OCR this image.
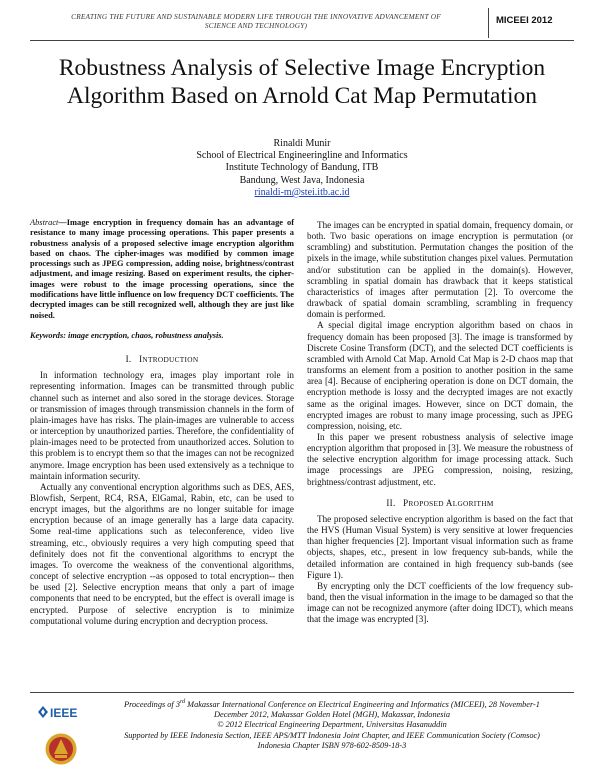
CREATING THE FUTURE AND SUSTAINABLE MODERN LIFE THROUGH THE INNOVATIVE ADVANCEMENT OF
SCIENCE AND TECHNOLOGY)	MICEEI 2012
Robustness Analysis of Selective Image Encryption
Algorithm Based on Arnold Cat Map Permutation
Rinaldi Munir
School of Electrical Engineeringline and Informatics
Institute Technology of Bandung, ITB
Bandung, West Java, Indonesia
rinaldi-m@stei.itb.ac.id

Abstract—Image encryption in frequency domain has an advantage of resistance to many image processing operations. This paper presents a robustness analysis of a proposed selective image encryption algorithm based on chaos. The cipher-images was modified by common image processings such as JPEG compression, adding noise, brightness/contrast adjustment, and image resizing. Based on experiment results, the cipher-images were robust to the image processing operations, since the modifications have little influence on low frequency DCT coefficients. The decrypted images can be still recognized well, although they are just like noised.

Keywords: image encryption, chaos, robustness analysis.

I. INTRODUCTION

In information technology era, images play important role in representing information. Images can be transmitted through public channel such as internet and also sored in the storage devices. Storage or transmission of images through transmission channels in the form of plain-images have has risks. The plain-images are vulnerable to access or interception by unauthorized parties. Therefore, the confidentiality of plain-images need to be protected from unauthorized acces. Solution to this problem is to encrypt them so that the images can not be recognized anymore. Image encryption has been used extensively as a technique to maintain information security.

Actually any conventional encryption algorithms such as DES, AES, Blowfish, Serpent, RC4, RSA, ElGamal, Rabin, etc, can be used to encrypt images, but the algorithms are no longer suitable for image encryption because of an image generally has a large data capacity. Some real-time applications such as teleconference, video live streaming, etc., obviously requires a very high computing speed that definitely does not fit the conventional algorithms to encrypt the images. To overcome the weakness of the conventional algorithms, concept of selective encryption --as opposed to total encryption-- then be used [2]. Selective encryption means that only a part of image components that need to be encrypted, but the effect is overall image is encrypted. Purpose of selective encryption is to minimize computational volume during encryption and decryption process.

The images can be encrypted in spatial domain, frequency domain, or both. Two basic operations on image encryption is permutation (or scrambling) and substitution. Permutation changes the position of the pixels in the image, while substitution changes pixel values. Permutation and/or substitution can be applied in the domain(s). However, scrambling in spatial domain has drawback that it keeps statistical characteristics of images after permutation [2]. To overcome the drawback of spatial domain scrambling, scrambling in frequency domain is performed.

A special digital image encryption algorithm based on chaos in frequency domain has been proposed [3]. The image is transformed by Discrete Cosine Transform (DCT), and the selected DCT coefficients is scrambled with Arnold Cat Map. Arnold Cat Map is 2-D chaos map that transforms an element from a position to another position in the same area [4]. Because of enciphering operation is done on DCT domain, the encryption methode is lossy and the decrypted images are not exactly same as the original images. However, since on DCT domain, the encrypted images are robust to many image processing, such as JPEG compression, noising, etc.

In this paper we present robustness analysis of selective image encryption algorithm that proposed in [3]. We measure the robustness of the selective encryption algorithm for image processing attack. Such image processings are JPEG compression, noising, resizing, brightness/contrast adjustment, etc.

II. PROPOSED ALGORITHM

The proposed selective encryption algorithm is based on the fact that the HVS (Human Visual System) is very sensitive at lower frequencies than higher frequencies [2]. Important visual information such as frame objects, shapes, etc., present in low frequency sub-bands, while the detailed information are contained in high frequency sub-bands (see Figure 1).

By encrypting only the DCT coefficients of the low frequency sub-band, then the visual information in the image to be damaged so that the image can not be recognized anymore (after doing IDCT), which means that the image was encrypted [3].

IEEE
Proceedings of 3rd Makassar International Conference on Electrical Engineering and Informatics (MICEEI), 28 November-1
December 2012, Makassar Golden Hotel (MGH), Makassar, Indonesia
© 2012 Electrical Engineering Department, Universitas Hasanuddin
Supported by IEEE Indonesia Section, IEEE APS/MTT Indonesia Joint Chapter, and IEEE Communication Society (Comsoc)
Indonesia Chapter ISBN 978-602-8509-18-3
